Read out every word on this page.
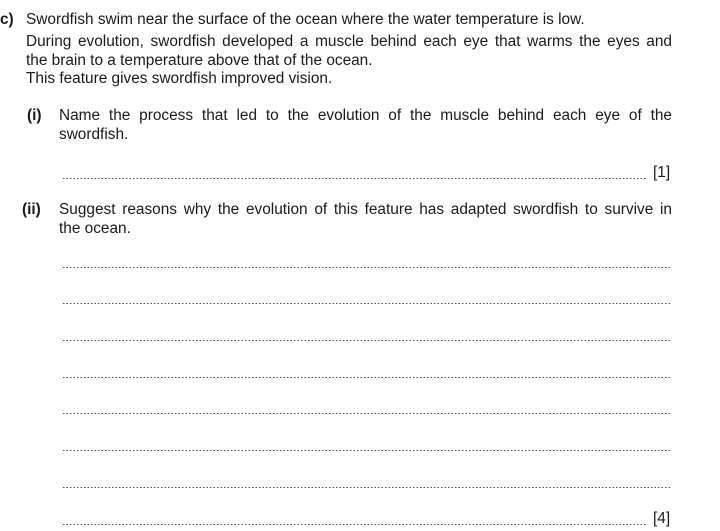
c) Swordfish swim near the surface of the ocean where the water temperature is low.
During evolution, swordfish developed a muscle behind each eye that warms the eyes and
the brain to a temperature above that of the ocean.
This feature gives swordfish improved vision.
(i) Name the process that led to the evolution of the muscle behind each eye of the
swordfish.
[1]
(ii) Suggest reasons why the evolution of this feature has adapted swordfish to survive in
the ocean.
[4]
